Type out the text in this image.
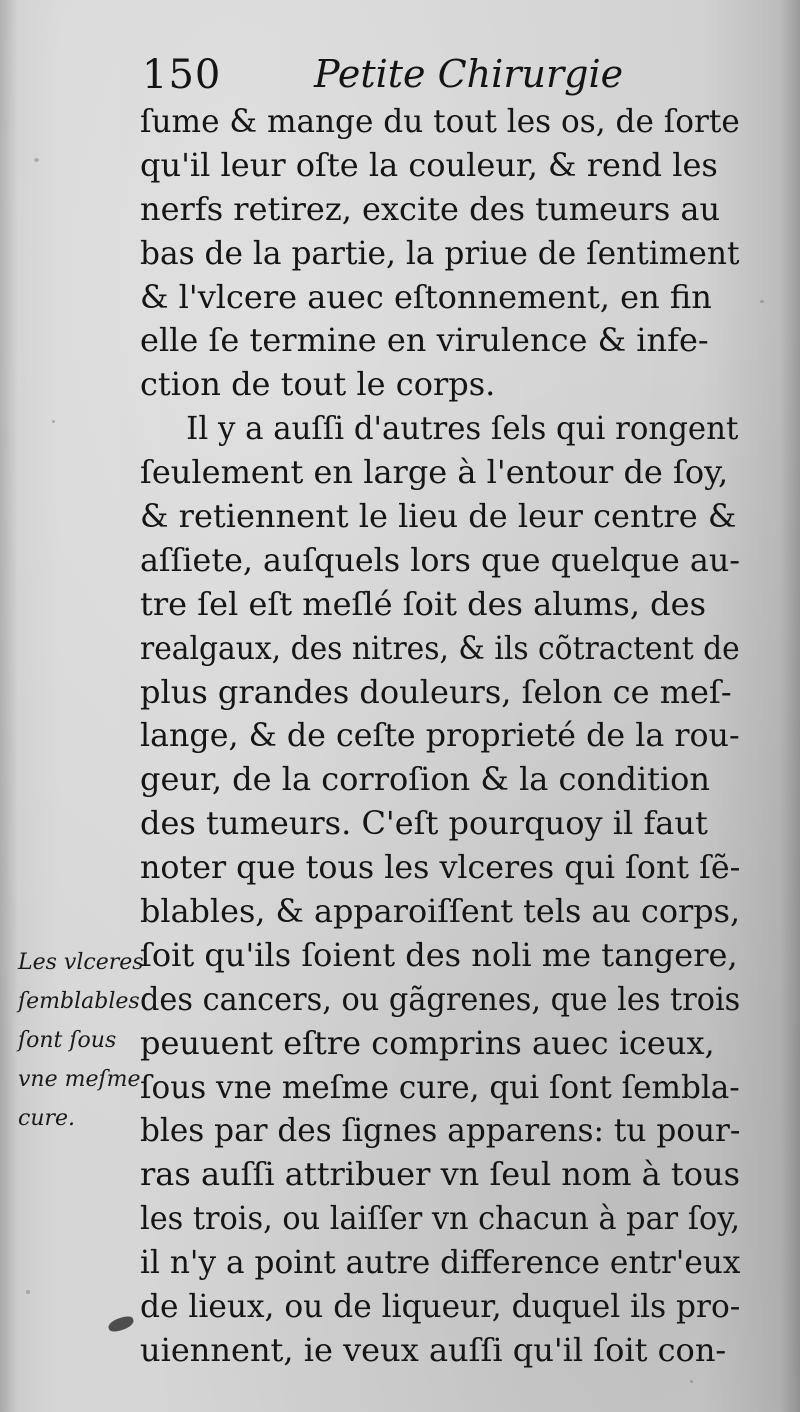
150 Petite Chirurgie
ſume & mange du tout les os, de ſorte
qu'il leur oſte la couleur, & rend les
nerfs retirez, excite des tumeurs au
bas de la partie, la priue de ſentiment
& l'vlcere auec eſtonnement, en fin
elle ſe termine en virulence & infe-
ction de tout le corps.
Il y a auſſi d'autres ſels qui rongent
ſeulement en large à l'entour de ſoy,
& retiennent le lieu de leur centre &
aſſiete, auſquels lors que quelque au-
tre ſel eſt meſlé ſoit des alums, des
realgaux, des nitres, & ils cõtractent de
plus grandes douleurs, ſelon ce meſ-
lange, & de ceſte proprieté de la rou-
geur, de la corroſion & la condition
des tumeurs. C'eſt pourquoy il faut
noter que tous les vlceres qui ſont ſẽ-
blables, & apparoiſſent tels au corps,
ſoit qu'ils ſoient des noli me tangere,
des cancers, ou gãgrenes, que les trois
peuuent eſtre comprins auec iceux,
ſous vne meſme cure, qui ſont ſembla-
bles par des ſignes apparens: tu pour-
ras auſſi attribuer vn ſeul nom à tous
les trois, ou laiſſer vn chacun à par ſoy,
il n'y a point autre difference entr'eux
de lieux, ou de liqueur, duquel ils pro-
uiennent, ie veux auſſi qu'il ſoit con-
Les vlceres
ſemblables
ſont ſous
vne meſme
cure.
